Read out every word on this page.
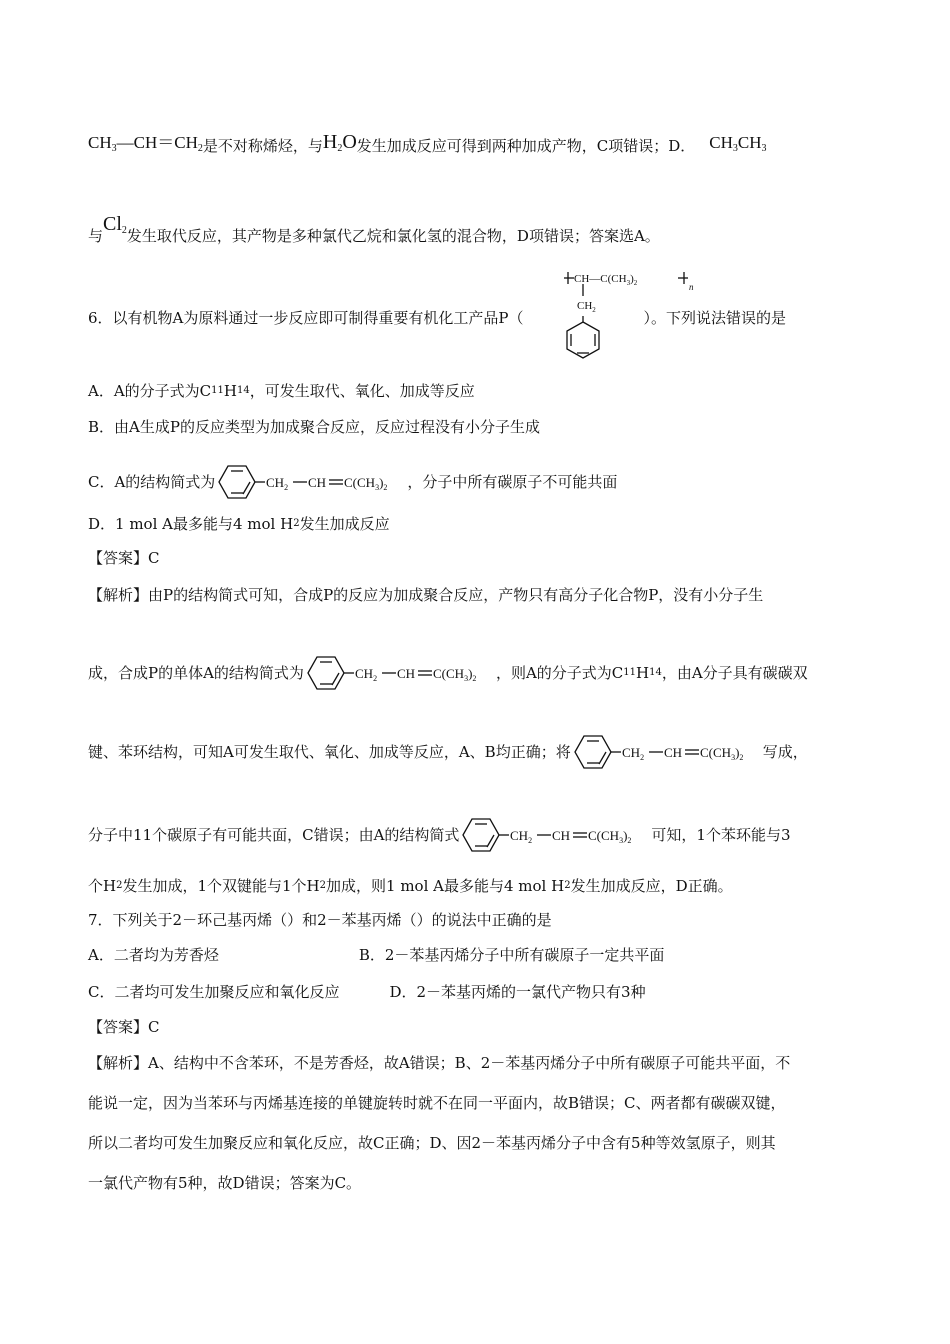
$CH_3—CH=CH_2$ 是不对称烯烃，与 $H_2O$ 发生加成反应可得到两种加成产物，C项错误；D． $CH_3CH_3$
与
$Cl_2$ 发生取代反应，其产物是多种氯代乙烷和氯化氢的混合物，D项错误；答案选A。
6．以有机物A为原料通过一步反应即可制得重要有机化工产品P（	）。下列说法错误的是
$CH—C(CH_3)_2$	n
$CH_2$
A．A的分子式为C 11 H 14 ，可发生取代、氧化、加成等反应
B．由A生成P的反应类型为加成聚合反应，反应过程没有小分子生成
C．A的结构简式为	$CH_2$ CH $C(CH_3)_2$ ，分子中所有碳原子不可能共面
D．1 mol A最多能与4 mol H 2 发生加成反应
【答案】C
【解析】由P的结构简式可知，合成P的反应为加成聚合反应，产物只有高分子化合物P，没有小分子生
成，合成P的单体A的结构简式为	$CH_2$ CH $C(CH_3)_2$ ，则A的分子式为C 11 H 14 ，由A分子具有碳碳双
键、苯环结构，可知A可发生取代、氧化、加成等反应，A、B均正确；将	$CH_2$ CH $C(CH_3)_2$ 写成，
分子中11个碳原子有可能共面，C错误；由A的结构简式	$CH_2$ CH $C(CH_3)_2$ 可知，1个苯环能与3
个H 2 发生加成，1个双键能与1个H 2 加成，则1 mol A最多能与4 mol H 2 发生加成反应，D正确。
7．下列关于2－环己基丙烯（）和2－苯基丙烯（）的说法中正确的是
A．二者均为芳香烃	B．2－苯基丙烯分子中所有碳原子一定共平面
C．二者均可发生加聚反应和氧化反应	D．2－苯基丙烯的一氯代产物只有3种
【答案】C
【解析】A、结构中不含苯环，不是芳香烃，故A错误；B、2－苯基丙烯分子中所有碳原子可能共平面，不
能说一定，因为当苯环与丙烯基连接的单键旋转时就不在同一平面内，故B错误；C、两者都有碳碳双键，
所以二者均可发生加聚反应和氧化反应，故C正确；D、因2－苯基丙烯分子中含有5种等效氢原子，则其
一氯代产物有5种，故D错误；答案为C。
